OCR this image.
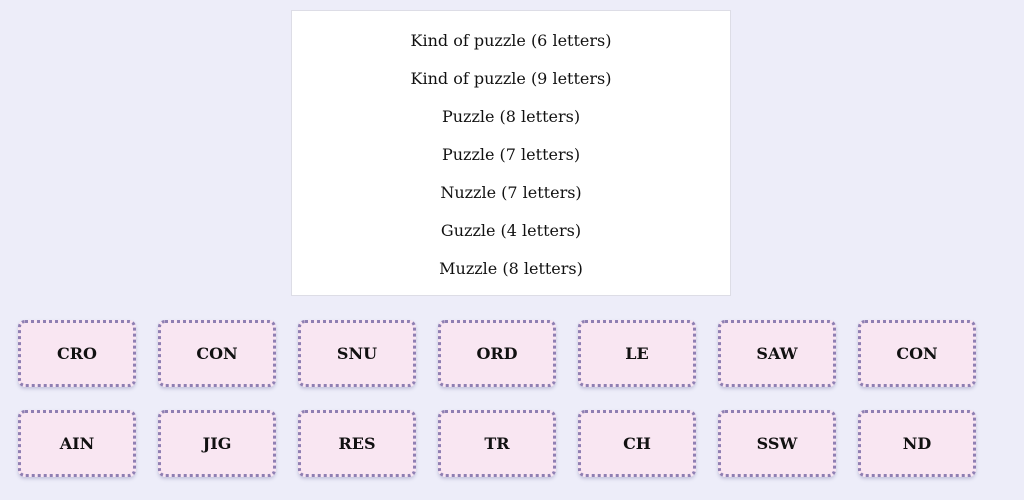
Kind of puzzle (6 letters)
Kind of puzzle (9 letters)
Puzzle (8 letters)
Puzzle (7 letters)
Nuzzle (7 letters)
Guzzle (4 letters)
Muzzle (8 letters)
CRO	CON	SNU	ORD	LE	SAW	CON
AIN	JIG	RES	TR	CH	SSW	ND
